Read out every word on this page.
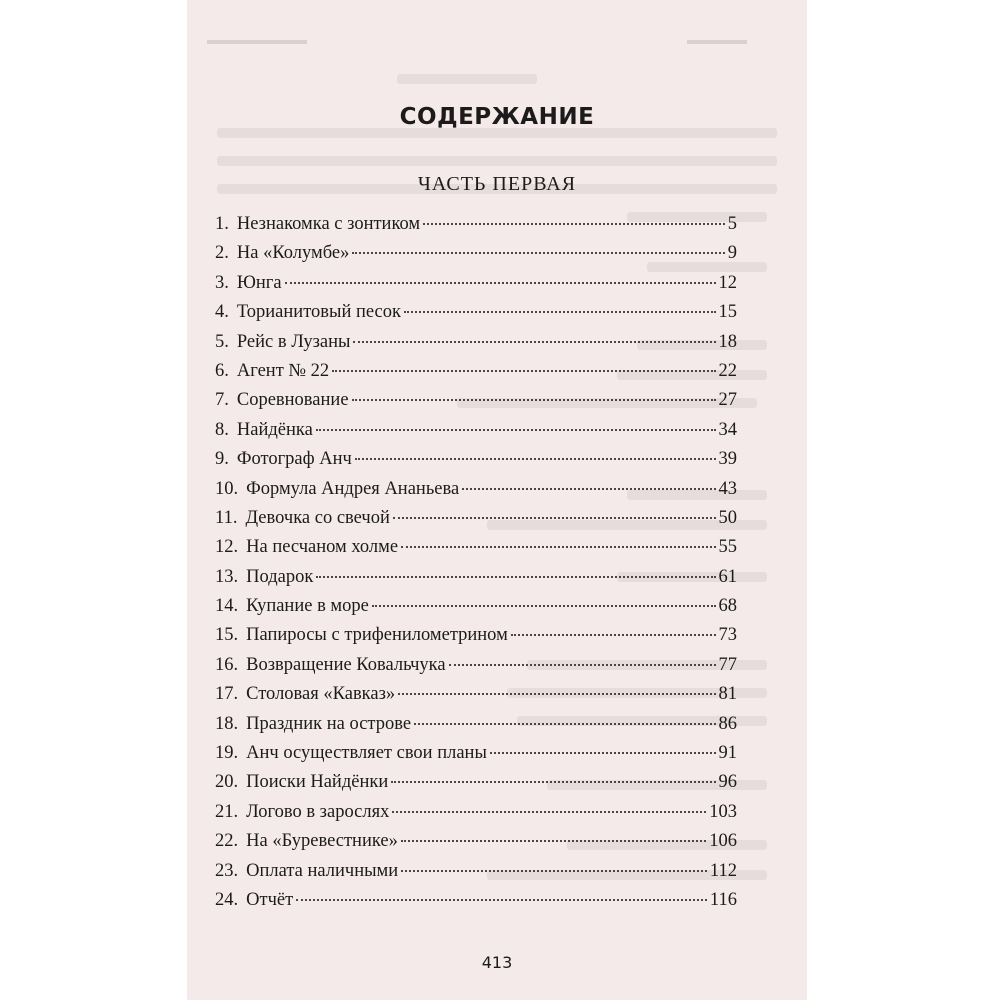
СОДЕРЖАНИЕ
ЧАСТЬ ПЕРВАЯ
1. Незнакомка с зонтиком	5
2. На «Колумбе»	9
3. Юнга	12
4. Торианитовый песок	15
5. Рейс в Лузаны	18
6. Агент № 22	22
7. Соревнование	27
8. Найдёнка	34
9. Фотограф Анч	39
10. Формула Андрея Ананьева	43
11. Девочка со свечой	50
12. На песчаном холме	55
13. Подарок	61
14. Купание в море	68
15. Папиросы с трифенилометрином	73
16. Возвращение Ковальчука	77
17. Столовая «Кавказ»	81
18. Праздник на острове	86
19. Анч осуществляет свои планы	91
20. Поиски Найдёнки	96
21. Логово в зарослях	103
22. На «Буревестнике»	106
23. Оплата наличными	112
24. Отчёт	116
413
